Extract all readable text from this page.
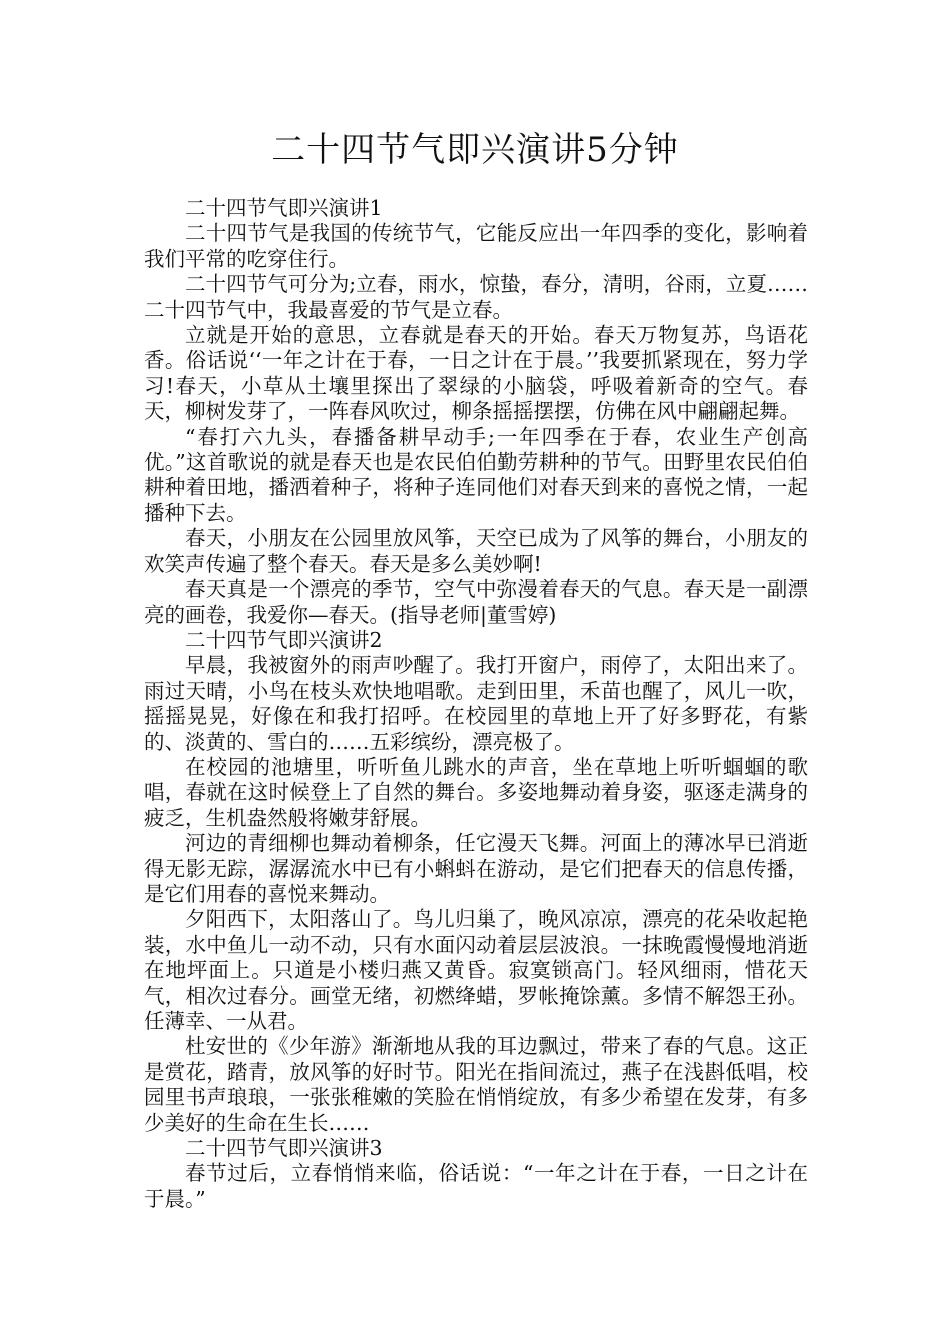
二十四节气即兴演讲5分钟

二十四节气即兴演讲1

二十四节气是我国的传统节气，它能反应出一年四季的变化，影响着我们平常的吃穿住行。

二十四节气可分为;立春，雨水，惊蛰，春分，清明，谷雨，立夏……二十四节气中，我最喜爱的节气是立春。

立就是开始的意思，立春就是春天的开始。春天万物复苏，鸟语花香。俗话说‘‘一年之计在于春，一日之计在于晨。’’我要抓紧现在，努力学习!春天，小草从土壤里探出了翠绿的小脑袋，呼吸着新奇的空气。春天，柳树发芽了，一阵春风吹过，柳条摇摇摆摆，仿佛在风中翩翩起舞。

“春打六九头，春播备耕早动手;一年四季在于春，农业生产创高优。”这首歌说的就是春天也是农民伯伯勤劳耕种的节气。田野里农民伯伯耕种着田地，播洒着种子，将种子连同他们对春天到来的喜悦之情，一起播种下去。

春天，小朋友在公园里放风筝，天空已成为了风筝的舞台，小朋友的欢笑声传遍了整个春天。春天是多么美妙啊!

春天真是一个漂亮的季节，空气中弥漫着春天的气息。春天是一副漂亮的画卷，我爱你—春天。(指导老师|董雪婷)

二十四节气即兴演讲2

早晨，我被窗外的雨声吵醒了。我打开窗户，雨停了，太阳出来了。雨过天晴，小鸟在枝头欢快地唱歌。走到田里，禾苗也醒了，风儿一吹，摇摇晃晃，好像在和我打招呼。在校园里的草地上开了好多野花，有紫的、淡黄的、雪白的……五彩缤纷，漂亮极了。

在校园的池塘里，听听鱼儿跳水的声音，坐在草地上听听蝈蝈的歌唱，春就在这时候登上了自然的舞台。多姿地舞动着身姿，驱逐走满身的疲乏，生机盎然般将嫩芽舒展。

河边的青细柳也舞动着柳条，任它漫天飞舞。河面上的薄冰早已消逝得无影无踪，潺潺流水中已有小蝌蚪在游动，是它们把春天的信息传播，是它们用春的喜悦来舞动。

夕阳西下，太阳落山了。鸟儿归巢了，晚风凉凉，漂亮的花朵收起艳装，水中鱼儿一动不动，只有水面闪动着层层波浪。一抹晚霞慢慢地消逝在地坪面上。只道是小楼归燕又黄昏。寂寞锁高门。轻风细雨，惜花天气，相次过春分。画堂无绪，初燃绛蜡，罗帐掩馀薰。多情不解怨王孙。任薄幸、一从君。

杜安世的《少年游》渐渐地从我的耳边飘过，带来了春的气息。这正是赏花，踏青，放风筝的好时节。阳光在指间流过，燕子在浅斟低唱，校园里书声琅琅，一张张稚嫩的笑脸在悄悄绽放，有多少希望在发芽，有多少美好的生命在生长……

二十四节气即兴演讲3

春节过后，立春悄悄来临，俗话说：“一年之计在于春，一日之计在于晨。”
